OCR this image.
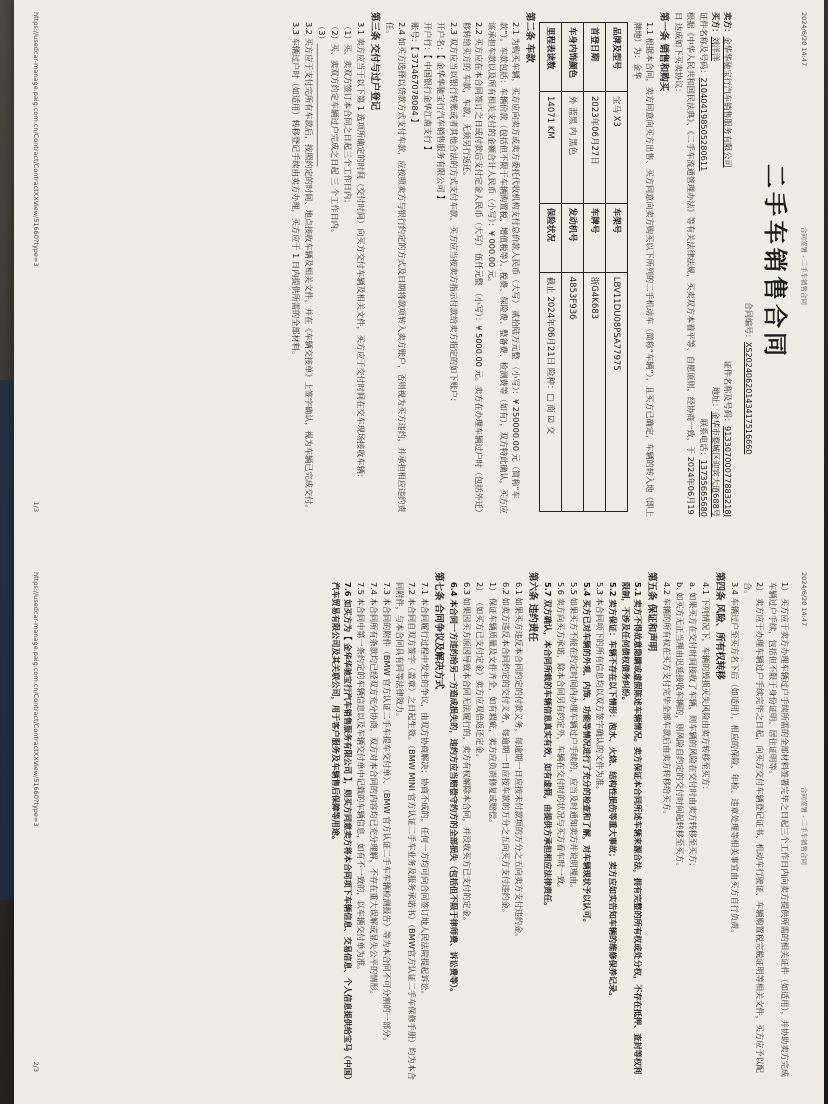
2024/6/20 14:47
合同签署 - 二手车销售合同
二手车销售合同
合同编号：XS20240620143417516660
卖方：金华华驰宝行汽车销售服务有限公司
证件名称及号码：91330700077883218J
买方：刘洋洋
地址：金华市婺城区迎宾大道688号
证件名称及号码：210404198505280611
联系电话：13735665680
根据《中华人民共和国民法典》、《二手车流通管理办法》等有关法律法规，买卖双方本着平等、自愿原则，经协商一致，于 2024年06月19日 达成如下买卖协议：
第一条 销售和购买
1.1 根据本合同，卖方同意向买方出售、买方同意向卖方购买以下所列的二手机动车（简称“车辆”），且买方已确定，车辆的转入地（即上牌地）为：金华
品牌及型号	宝马 X3	车架号	LBV11DU08PSA77975
首登日期	2023年06月27日	车牌号	浙G4K683
车身内饰颜色	外 蓝黑 内 黑色	发动机号	4853F936
里程表读数	14071 KM	保险状况	截止 2024年06月21日 险种：□ 商 ☑ 交
第二条 车款
2.1 为购买车辆，买方应向卖方或卖方委托代收机构支付总价款人民币（大写） 贰拾陆万元整 （小写）：¥ 250000.00 元（简称“车款”）。车款包括：车辆价款（包括但不限于车辆购置税、增值税等）、税费、保险费、整备费、检测费等（如有），双方特此确认，买方应该承担车款以及所有相关支付的金额合计人民币（小写）：¥ 000.00 元。
2.2 买方应在本合同签订之日或付款后支付定金人民币（大写） 伍仟元整 （小写）：¥ 5000.00 元。卖方在办理车辆过户时（包括外迁）移转给买方的 车款，车款，无须另行返还。
2.3 双方应当以银行转账或者其他合法的方式支付车款，买方应当按卖方指示付款给卖方指定的如下账户：
开户名：【 金华华驰宝行汽车销售服务有限公司 】
开户行：【 中国银行金华江南支行 】
账号：【 371467078084 】
2.4 如买方选择以贷款方式支付车款，应按照卖方与银行约定的方式及日期将款项转入卖方账户，否则视为买方违约，并承担相应违约责任。
第三条 交付与过户登记
3.1 卖方应当于以下第 1 选项所确定的时间（交付时间）向买方交付车辆及相关文件，买方应于交付时间在交车现场接收车辆：
（1）买、卖双方签订本合同之日起三个工作日内；
（2）买、卖双方约定车辆过户完成之日起 三 个工作日内。
（3）______________________________
3.2 买方应于支付完所有车款后，按照约定的时间、地点接收车辆及相关文件，并在《车辆交接单》上签字确认，视为车辆已完成交付。
3.3 车辆过户时（如适用）转移登记手续由卖方办理，买方应于 1 日内提供所需的全部材料。
https://usedcar-manage.paig.com.cn/Contract/ContractXXView/51660?type=3
1/3
2024/6/20 14:47
合同签署 - 二手车销售合同
1） 买方应于卖方办理车辆过户手续所需的全部材料签署完毕之日起三个工作日内向卖方提供所需的相关证件（如适用），并协助卖方完成车辆过户手续，包括但不限于身份证明、居住证明等。
2） 卖方应于办理车辆过户手续完毕之日起，向买方交付车辆登记证书、机动车行驶证、车辆购置税完税证明等相关文件，买方应予以配合。
3.4 车辆过户至买方名下后（如适用），相应的保险、年检、违章处理等相关事宜由买方自行负责。
第四条 风险、所有权转移
4.1 下列情况下，车辆的毁损灭失风险由卖方转移至买方：
a. 如果买方在交付时间接收了车辆，则车辆的风险在交付时由卖方转移至买方；
b. 如买方无正当理由迟延接收车辆的，则风险自约定的交付时间起转移至买方。
4.2 车辆的所有权在买方支付完毕全部车款后由卖方转移给买方。
第五条 保证和声明
5.1 卖方不得故意隐瞒或虚假陈述车辆情况。卖方保证本合同所述车辆来源合法，拥有完整的所有权或处分权，不存在抵押、查封等权利限制，不涉及任何债权债务纠纷。
5.2 卖方保证：车辆不存在以下情形：泡水、火烧、结构性损伤等重大事故；卖方应如实告知车辆的维修保养记录。
5.3 本合同项下的所有信息均以双方签字确认的文件为准。
5.4 买方已对车辆的外观、内饰、功能等情况进行了充分的检查和了解，对车辆现状予以认可。
5.5 如果买方不能在约定时间内办理车辆过户手续的，应当及时通知卖方并说明理由。
5.6 卖方向买方承诺，除本合同另有约定外，车辆在交付时的状况与买方看车时一致。
5.7 双方确认，本合同所载的车辆信息真实有效，如有虚假，由提供方承担相应法律责任。
第六条 违约责任
6.1 如果买方违反本合同约定的付款义务，每逾期一日应按未付款项的万分之五向卖方支付违约金。
6.2 如卖方违反本合同约定的交付义务，每逾期一日应按车款的万分之五向买方支付违约金。
1） 保证车辆质量及文件齐全，如有瑕疵，卖方应负责修复或赔偿。
2） （如买方已支付定金）卖方应双倍返还定金。
6.3 如果因买方原因导致本合同无法履行的，卖方有权解除本合同，并没收买方已支付的定金。
6.4 本合同一方违约给另一方造成损失的，违约方应当赔偿守约方的全部损失（包括但不限于律师费、诉讼费等）。
第七条 合同争议及解决方式
7.1 本合同履行过程中发生的争议，由双方协商解决；协商不成的，任何一方均可向合同签订地人民法院提起诉讼。
7.2 本合同自双方签字（盖章）之日起生效。（BMW MINI 官方认证二手车业务及服务承诺书）（BMW官方认证二手车保修手册）均为本合同附件，与本合同具有同等法律效力。
7.3 本合同的附件（BMW 官方认证二手车提车交付单）、（BMW 官方认证二手车车辆检测报告）等为本合同不可分割的一部分。
7.4 本合同所有条款均已经双方充分协商，双方对本合同的内容均已充分理解，不存在重大误解或显失公平的情形。
7.5 本合同中第一条约定的车辆信息以及车辆交付单中记载的车辆信息，如有不一致的，以车辆交付单为准。
7.6 如买方为【 金华华驰宝行汽车销售服务有限公司 】，则买方同意卖方将本合同项下车辆信息、交易信息、个人信息提供给宝马（中国）汽车贸易有限公司及其关联公司，用于客户服务及车辆售后保障等用途。
https://usedcar-manage.paig.com.cn/Contract/ContractXXView/51660?type=3
2/3
